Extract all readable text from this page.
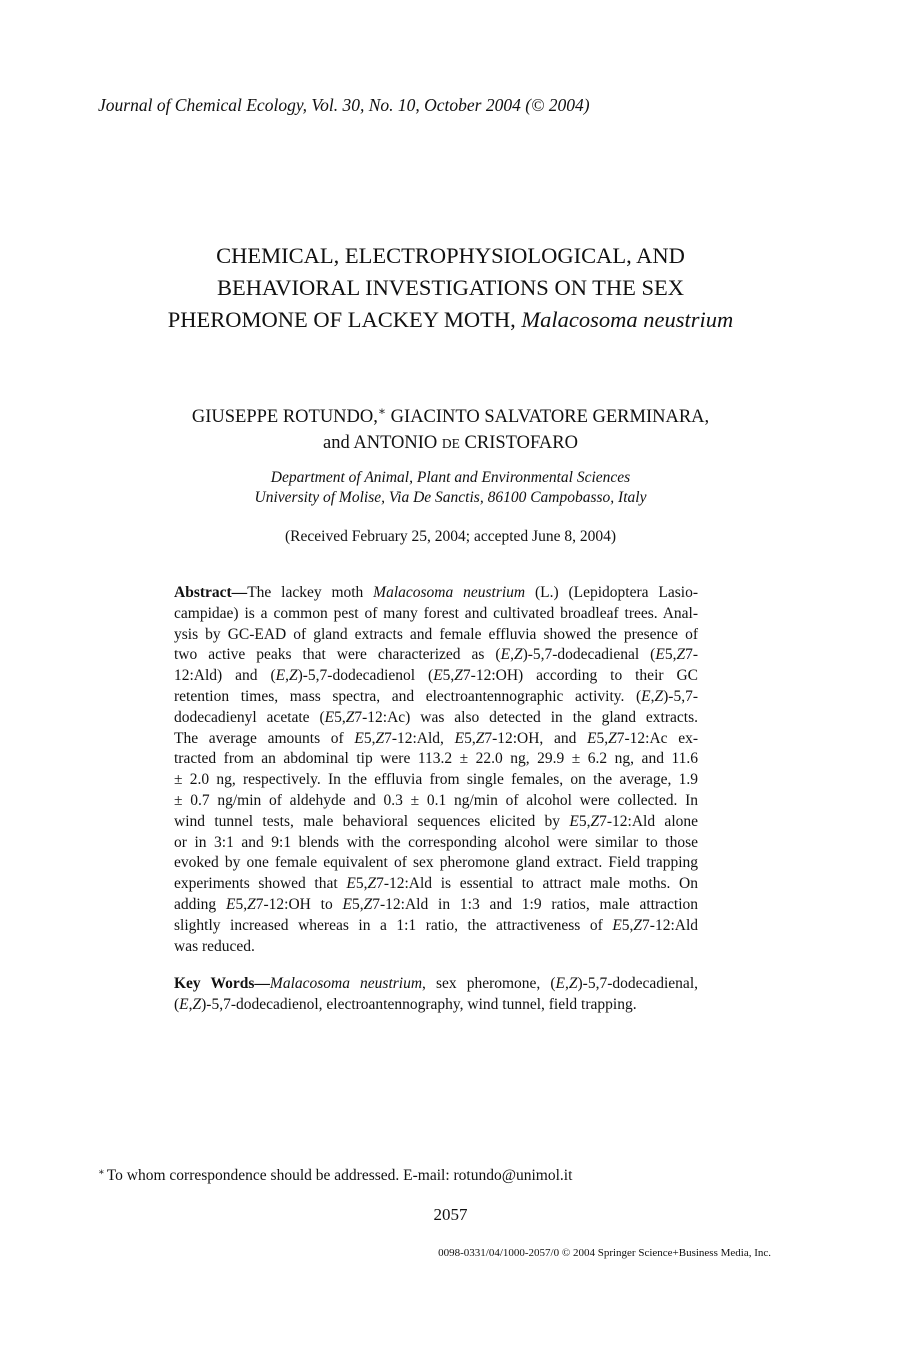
Journal of Chemical Ecology, Vol. 30, No. 10, October 2004 (© 2004)
CHEMICAL, ELECTROPHYSIOLOGICAL, AND
BEHAVIORAL INVESTIGATIONS ON THE SEX
PHEROMONE OF LACKEY MOTH, Malacosoma neustrium
GIUSEPPE ROTUNDO,∗ GIACINTO SALVATORE GERMINARA,
and ANTONIO DE CRISTOFARO
Department of Animal, Plant and Environmental Sciences
University of Molise, Via De Sanctis, 86100 Campobasso, Italy
(Received February 25, 2004; accepted June 8, 2004)
Abstract—The lackey moth Malacosoma neustrium (L.) (Lepidoptera Lasio-
campidae) is a common pest of many forest and cultivated broadleaf trees. Anal-
ysis by GC-EAD of gland extracts and female effluvia showed the presence of
two active peaks that were characterized as (E,Z)-5,7-dodecadienal (E5,Z7-
12:Ald) and (E,Z)-5,7-dodecadienol (E5,Z7-12:OH) according to their GC
retention times, mass spectra, and electroantennographic activity. (E,Z)-5,7-
dodecadienyl acetate (E5,Z7-12:Ac) was also detected in the gland extracts.
The average amounts of E5,Z7-12:Ald, E5,Z7-12:OH, and E5,Z7-12:Ac ex-
tracted from an abdominal tip were 113.2 ± 22.0 ng, 29.9 ± 6.2 ng, and 11.6
± 2.0 ng, respectively. In the effluvia from single females, on the average, 1.9
± 0.7 ng/min of aldehyde and 0.3 ± 0.1 ng/min of alcohol were collected. In
wind tunnel tests, male behavioral sequences elicited by E5,Z7-12:Ald alone
or in 3:1 and 9:1 blends with the corresponding alcohol were similar to those
evoked by one female equivalent of sex pheromone gland extract. Field trapping
experiments showed that E5,Z7-12:Ald is essential to attract male moths. On
adding E5,Z7-12:OH to E5,Z7-12:Ald in 1:3 and 1:9 ratios, male attraction
slightly increased whereas in a 1:1 ratio, the attractiveness of E5,Z7-12:Ald
was reduced.
Key Words—Malacosoma neustrium, sex pheromone, (E,Z)-5,7-dodecadienal,
(E,Z)-5,7-dodecadienol, electroantennography, wind tunnel, field trapping.
∗ To whom correspondence should be addressed. E-mail: rotundo@unimol.it
2057
0098-0331/04/1000-2057/0 © 2004 Springer Science+Business Media, Inc.
